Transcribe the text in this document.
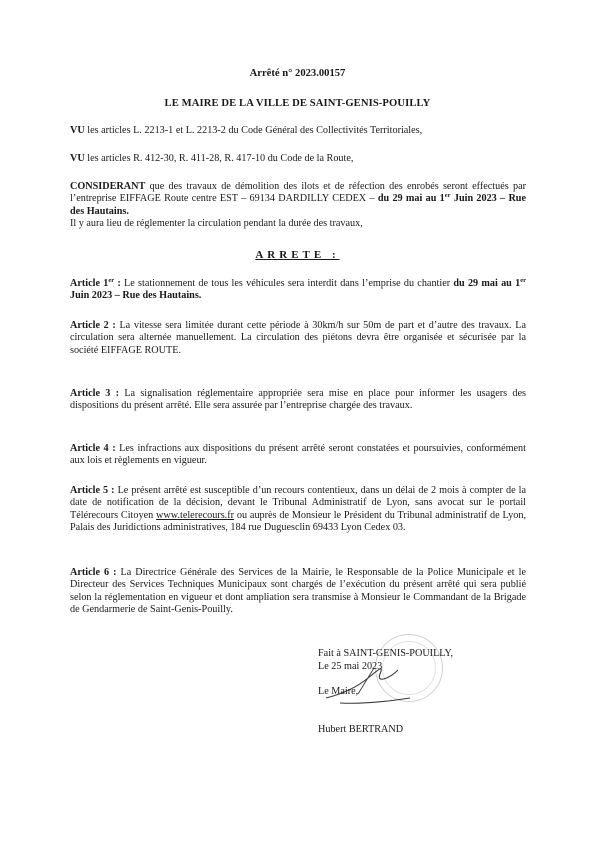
Arrêté n° 2023.00157
LE MAIRE DE LA VILLE DE SAINT-GENIS-POUILLY

VU les articles L. 2213-1 et L. 2213-2 du Code Général des Collectivités Territoriales,

VU les articles R. 412-30, R. 411-28, R. 417-10 du Code de la Route,

CONSIDERANT que des travaux de démolition des ilots et de réfection des enrobés seront effectués par l’entreprise EIFFAGE Route centre EST – 69134 DARDILLY CEDEX – du 29 mai au 1er Juin 2023 – Rue des Hautains.

Il y aura lieu de réglementer la circulation pendant la durée des travaux,

ARRETE :

Article 1er : Le stationnement de tous les véhicules sera interdit dans l’emprise du chantier du 29 mai au 1er Juin 2023 – Rue des Hautains.

Article 2 : La vitesse sera limitée durant cette période à 30km/h sur 50m de part et d’autre des travaux. La circulation sera alternée manuellement. La circulation des piétons devra être organisée et sécurisée par la société EIFFAGE ROUTE.

Article 3 : La signalisation réglementaire appropriée sera mise en place pour informer les usagers des dispositions du présent arrêté. Elle sera assurée par l’entreprise chargée des travaux.

Article 4 : Les infractions aux dispositions du présent arrêté seront constatées et poursuivies, conformément aux lois et règlements en vigueur.

Article 5 : Le présent arrêté est susceptible d’un recours contentieux, dans un délai de 2 mois à compter de la date de notification de la décision, devant le Tribunal Administratif de Lyon, sans avocat sur le portail Télérecours Citoyen www.telerecours.fr ou auprès de Monsieur le Président du Tribunal administratif de Lyon, Palais des Juridictions administratives, 184 rue Duguesclin 69433 Lyon Cedex 03.

Article 6 : La Directrice Générale des Services de la Mairie, le Responsable de la Police Municipale et le Directeur des Services Techniques Municipaux sont chargés de l’exécution du présent arrêté qui sera publié selon la réglementation en vigueur et dont ampliation sera transmise à Monsieur le Commandant de la Brigade de Gendarmerie de Saint-Genis-Pouilly.

Fait à SAINT-GENIS-POUILLY,
Le 25 mai 2023
Le Maire,
Hubert BERTRAND
